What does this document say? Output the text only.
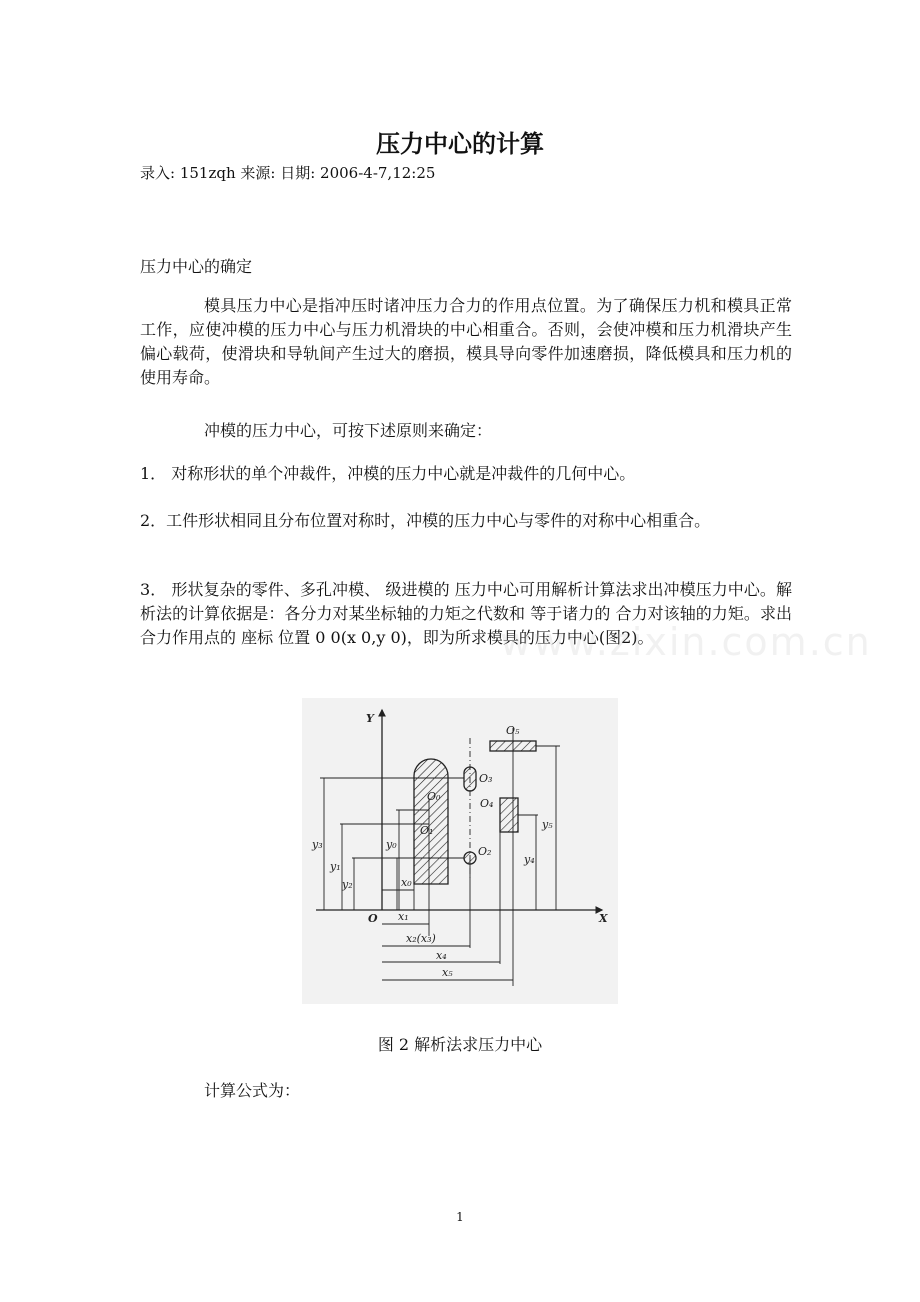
压力中心的计算
录入: 151zqh 来源: 日期: 2006-4-7,12:25
压力中心的确定
模具压力中心是指冲压时诸冲压力合力的作用点位置。为了确保压力机和模具正常工作，应使冲模的压力中心与压力机滑块的中心相重合。否则，会使冲模和压力机滑块产生偏心载荷，使滑块和导轨间产生过大的磨损，模具导向零件加速磨损，降低模具和压力机的使用寿命。
冲模的压力中心，可按下述原则来确定：
1． 对称形状的单个冲裁件，冲模的压力中心就是冲裁件的几何中心。
2．工件形状相同且分布位置对称时，冲模的压力中心与零件的对称中心相重合。
3． 形状复杂的零件、多孔冲模、 级进模的 压力中心可用解析计算法求出冲模压力中心。解析法的计算依据是：各分力对某坐标轴的力矩之代数和 等于诸力的 合力对该轴的力矩。求出合力作用点的 座标 位置 0 0(x 0,y 0)，即为所求模具的压力中心(图2)。
www.zixin.com.cn
Y
X
O
O₀
O₁
O₂
O₃
O₄
O₅
y₃
y₁
y₂
y₀
y₄
y₅
x₀
x₁
x₂(x₃)
x₄
x₅
图 2 解析法求压力中心
计算公式为：
1
